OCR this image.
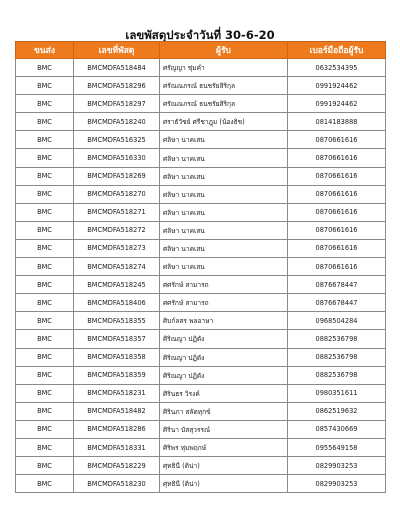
เลขพัสดุประจำวันที่ 30-6-20
ขนส่ง	เลขที่พัสดุ	ผู้รับ	เบอร์มือถือผู้รับ
BMC	BMCMDFA518484	ศรัญญา ชุ่มคำ	0632534395
BMC	BMCMDFA518296	ศรัณณภรณ์ ธนชรัยสิริกุล	0991924462
BMC	BMCMDFA518297	ศรัณณภรณ์ ธนชรัยสิริกุล	0991924462
BMC	BMCMDFA518240	ศราธัวัชย์ ศรีชาฎุม (น้องธิช)	0814183888
BMC	BMCMDFA516325	ศลิษา นาคเสน	0870661616
BMC	BMCMDFA516330	ศลิษา นาคเสน	0870661616
BMC	BMCMDFA518269	ศลิษา นาคเสน	0870661616
BMC	BMCMDFA518270	ศลิษา นาคเสน	0870661616
BMC	BMCMDFA518271	ศลิษา นาคเสน	0870661616
BMC	BMCMDFA518272	ศลิษา นาคเสน	0870661616
BMC	BMCMDFA518273	ศลิษา นาคเสน	0870661616
BMC	BMCMDFA518274	ศลิษา นาคเสน	0870661616
BMC	BMCMDFA518245	ศศรักษ์ สามารถ	0876678447
BMC	BMCMDFA518406	ศศรักษ์ สามารถ	0876678447
BMC	BMCMDFA518355	ศิบก์ลสร พลอาษา	0968504284
BMC	BMCMDFA518357	ศิริณญา ปฏิตัง	0882536798
BMC	BMCMDFA518358	ศิริณญา ปฏิตัง	0882536798
BMC	BMCMDFA518359	ศิริณญา ปฏิตัง	0882536798
BMC	BMCMDFA518231	ศิรินธร วิรงค์	0980351611
BMC	BMCMDFA518482	ศิรินภา สลัดทุกข์	0862519632
BMC	BMCMDFA518286	ศิรินา บัสสุวรรณ์	0857430669
BMC	BMCMDFA518331	ศิริพร หุ่มพฤกษ์	0955649158
BMC	BMCMDFA518229	ศุทธินี (ติน่า)	0829903253
BMC	BMCMDFA518230	ศุทธินี (ติน่า)	0829903253
